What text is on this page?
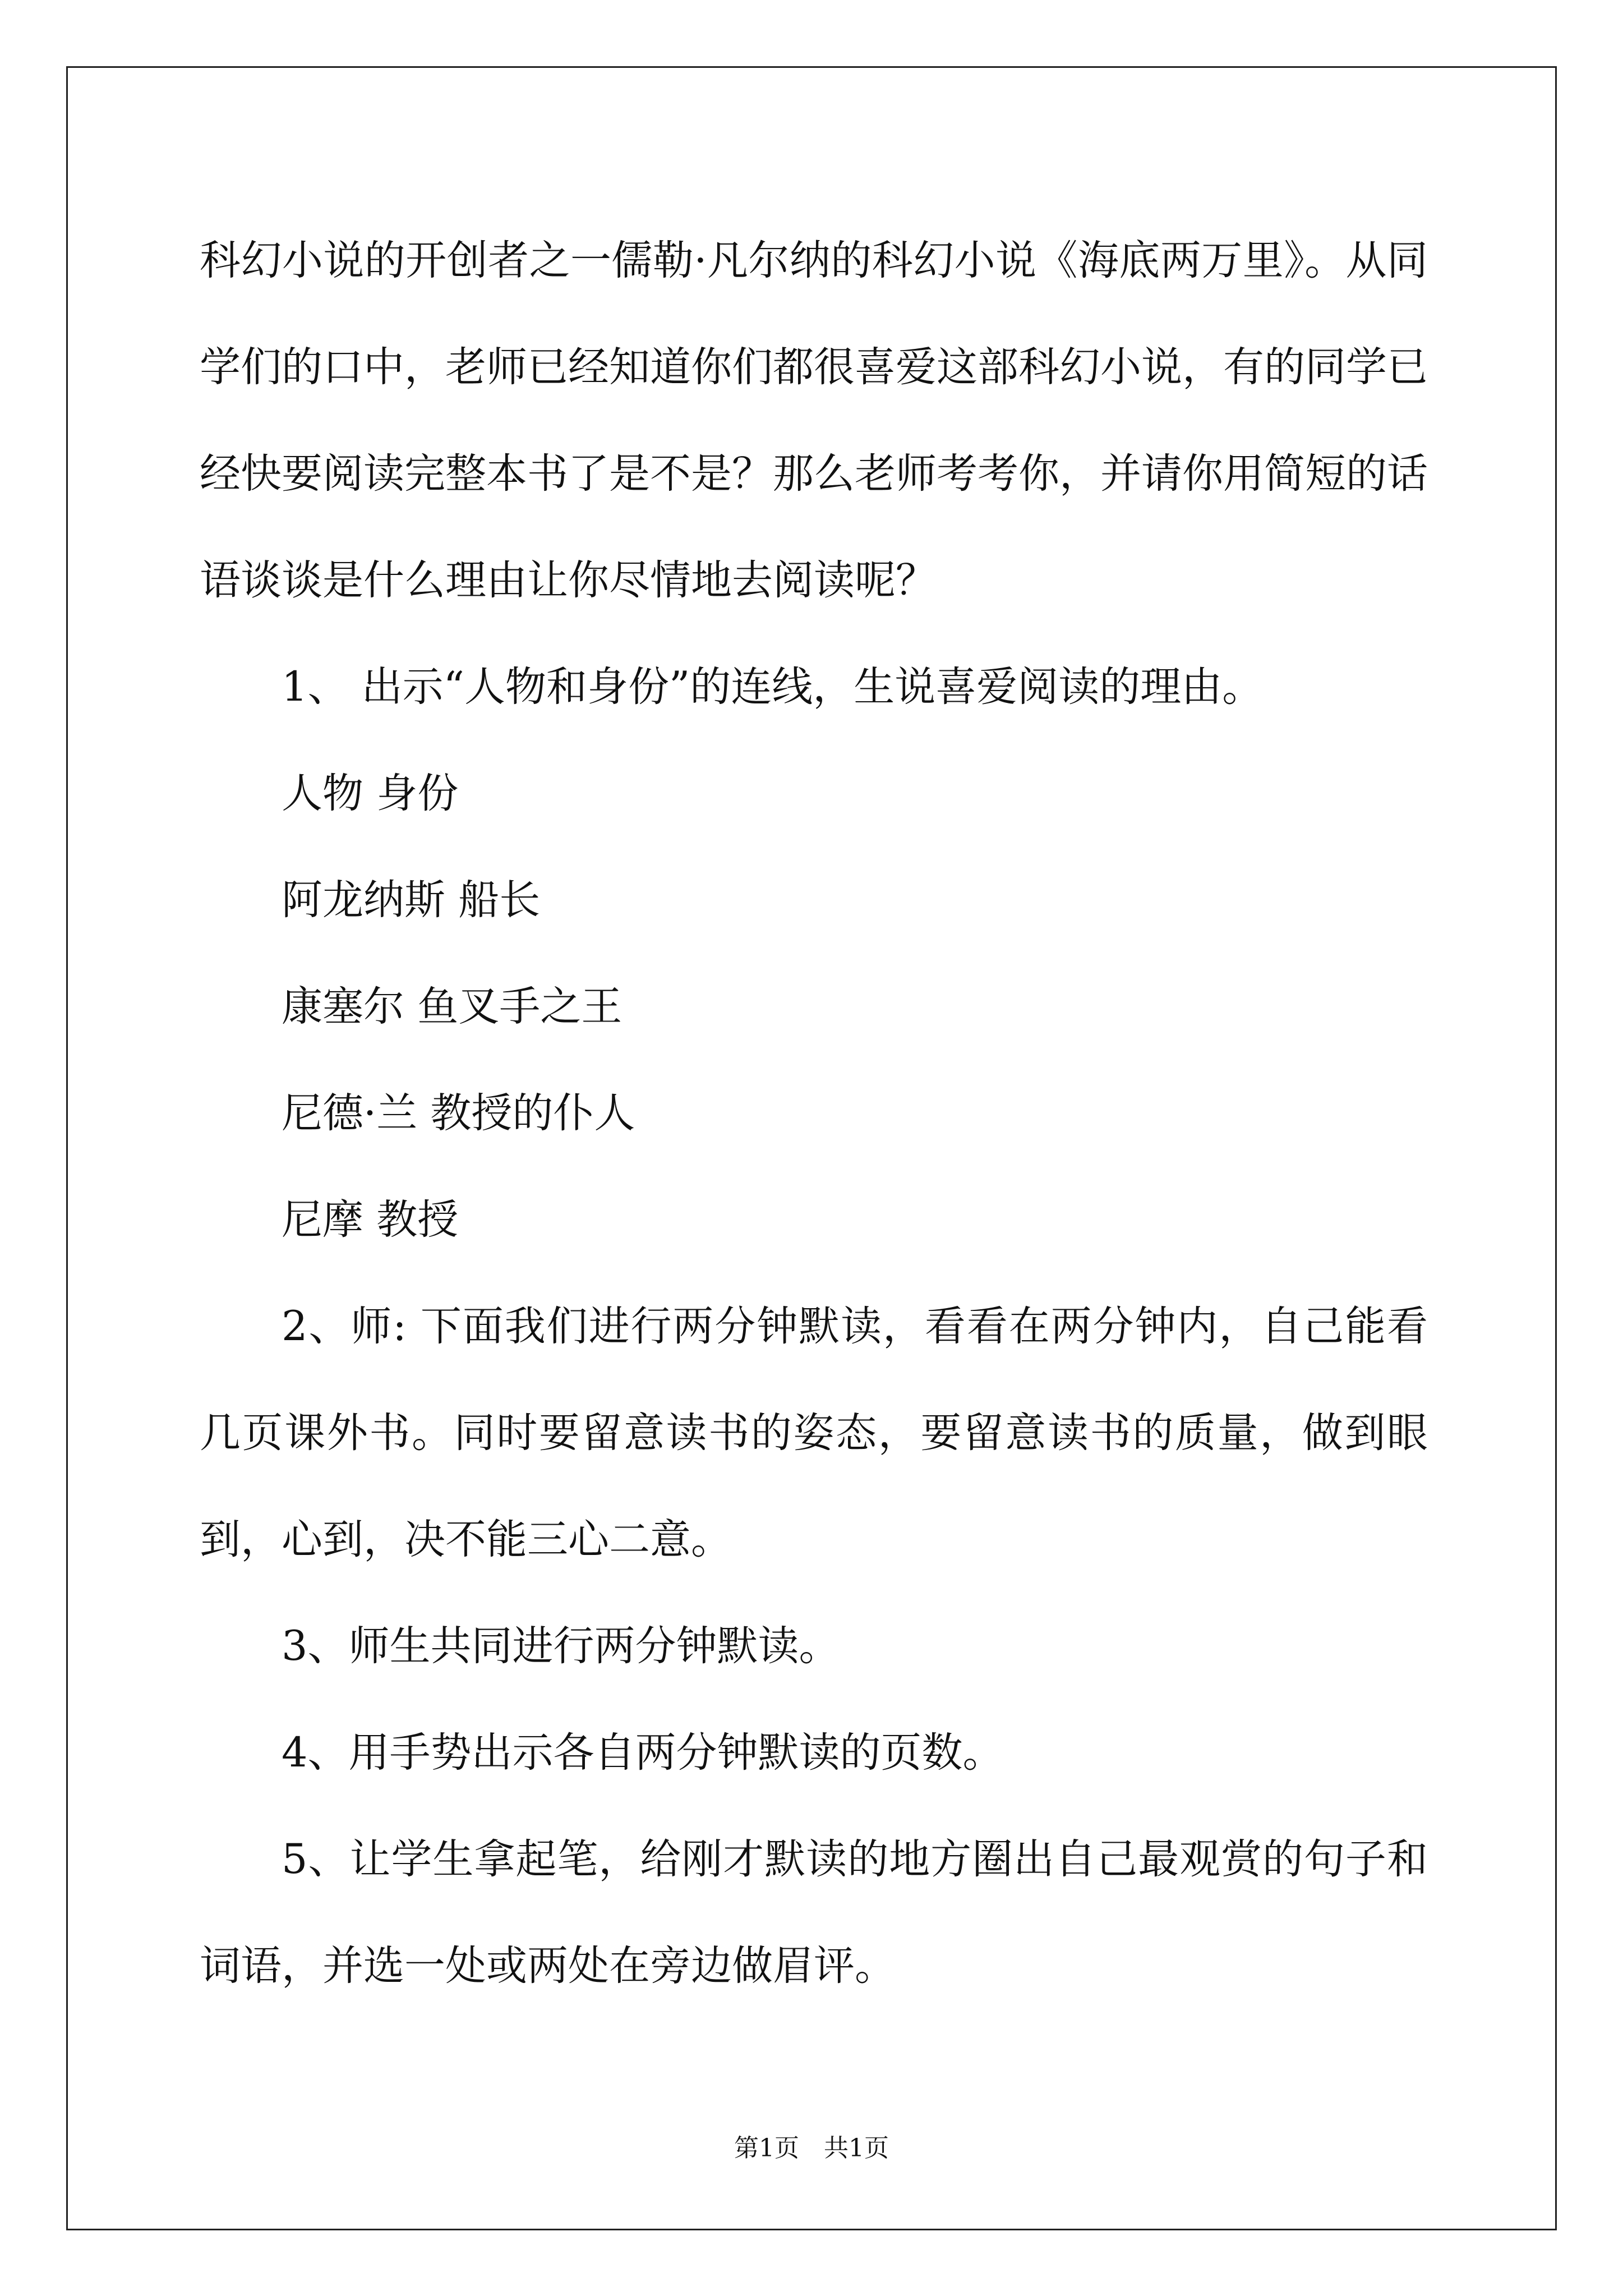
科幻小说的开创者之一儒勒·凡尔纳的科幻小说《海底两万里》。从同学们的口中，老师已经知道你们都很喜爱这部科幻小说，有的同学已经快要阅读完整本书了是不是？那么老师考考你，并请你用简短的话语谈谈是什么理由让你尽情地去阅读呢？

1、 出示“人物和身份”的连线，生说喜爱阅读的理由。

人物 身份

阿龙纳斯 船长

康塞尔 鱼叉手之王

尼德·兰 教授的仆人

尼摩 教授

2、师: 下面我们进行两分钟默读，看看在两分钟内，自己能看几页课外书。同时要留意读书的姿态，要留意读书的质量，做到眼到，心到，决不能三心二意。

3、师生共同进行两分钟默读。

4、用手势出示各自两分钟默读的页数。

5、让学生拿起笔，给刚才默读的地方圈出自己最观赏的句子和词语，并选一处或两处在旁边做眉评。

第1页　共1页
